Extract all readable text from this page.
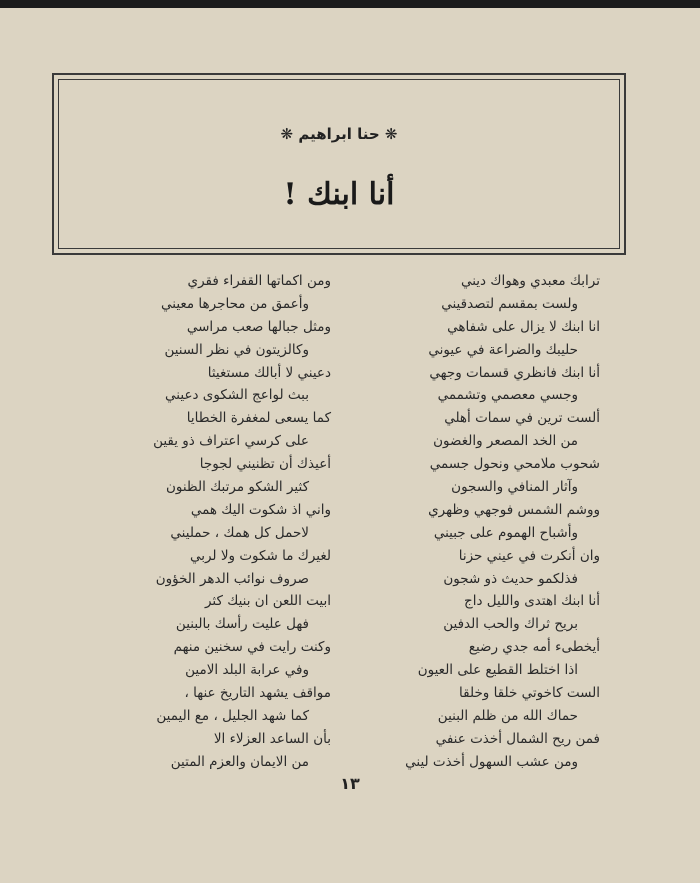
❋ حنا ابراهيم ❋
أنا ابنك !
ترابك معبدي وهواك ديني
ولست بمقسم لتصدقيني
انا ابنك لا يزال على شفاهي
حليبك والضراعة في عيوني
أنا ابنك فانظري قسمات وجهي
وجسي معصمي وتشممي
ألست ترين في سمات أهلي
من الخد المصعر والغضون
شحوب ملامحي ونحول جسمي
وآثار المنافي والسجون
ووشم الشمس فوجهي وظهري
وأشباح الهموم على جبيني
وان أنكرت في عيني حزنا
فذلكمو حديث ذو شجون
أنا ابنك اهتدى والليل داج
بريح ثراك والحب الدفين
أيخطىء أمه جدي رضيع
اذا اختلط القطيع على العيون
الست كاخوتي خلقا وخلقا
حماك الله من ظلم البنين
فمن ريح الشمال أخذت عنفي
ومن عشب السهول أخذت ليني
ومن اكماتها القفراء فقري
وأعمق من محاجرها معيني
ومثل جبالها صعب مراسي
وكالزيتون في نظر السنين
دعيني لا أبالك مستغيثا
ببث لواعج الشكوى دعيني
كما يسعى لمغفرة الخطايا
على كرسي اعتراف ذو يقين
أعيذك أن تظنيني لجوجا
كثير الشكو مرتبك الظنون
واني اذ شكوت اليك همي
لاحمل كل همك ، حمليني
لغيرك ما شكوت ولا لربي
صروف نوائب الدهر الخؤون
ابيت اللعن ان بنيك كثر
فهل عليت رأسك بالبنين
وكنت رايت في سخنين منهم
وفي عرابة البلد الامين
مواقف يشهد التاريخ عنها ،
كما شهد الجليل ، مع اليمين
بأن الساعد العزلاء الا
من الايمان والعزم المتين
١٣
